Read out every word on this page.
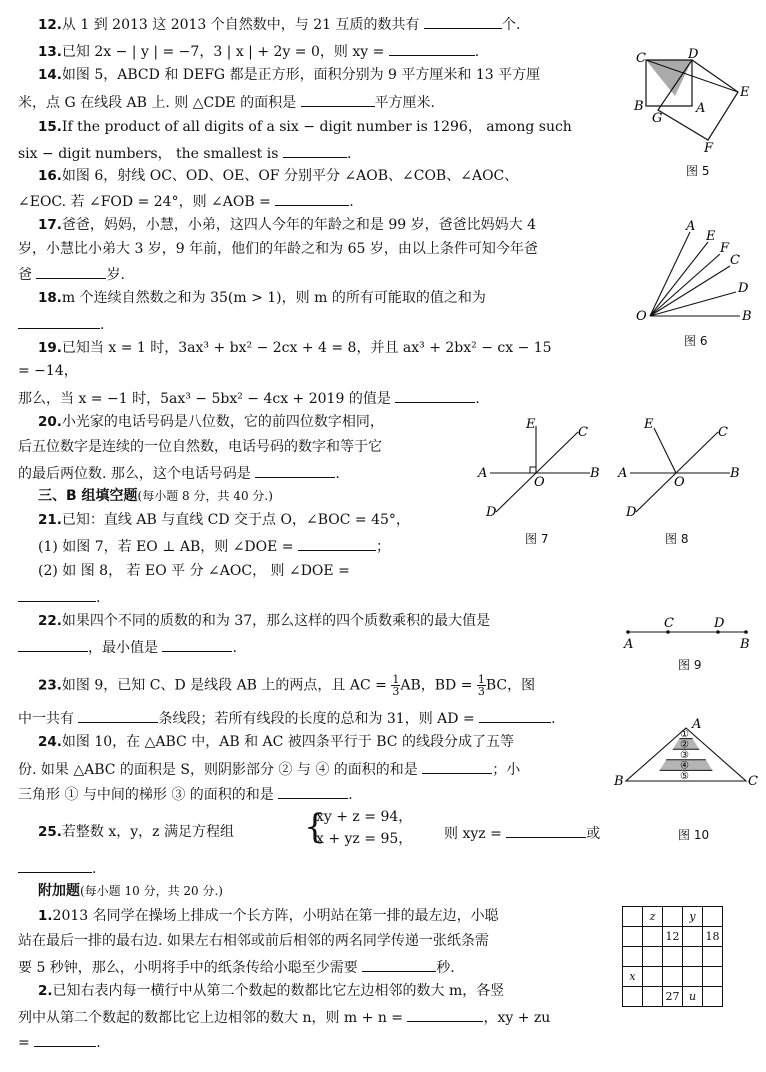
12.从 1 到 2013 这 2013 个自然数中，与 21 互质的数共有	个.
13.已知 2x − | y | = −7，3 | x | + 2y = 0，则 xy =	.
14.如图 5，ABCD 和 DEFG 都是正方形，面积分别为 9 平方厘米和 13 平方厘
米，点 G 在线段 AB 上. 则 △CDE 的面积是	平方厘米.
15.If the product of all digits of a six − digit number is 1296， among such
six − digit numbers， the smallest is	.
16.如图 6，射线 OC、OD、OE、OF 分别平分 ∠AOB、∠COB、∠AOC、
∠EOC. 若 ∠FOD = 24°，则 ∠AOB =	.
17.爸爸，妈妈，小慧，小弟，这四人今年的年龄之和是 99 岁，爸爸比妈妈大 4
岁，小慧比小弟大 3 岁，9 年前，他们的年龄之和为 65 岁，由以上条件可知今年爸
爸	岁.
18.m 个连续自然数之和为 35(m > 1)，则 m 的所有可能取的值之和为
.
19.已知当 x = 1 时，3ax³ + bx² − 2cx + 4 = 8，并且 ax³ + 2bx² − cx − 15
= −14，
那么，当 x = −1 时，5ax³ − 5bx² − 4cx + 2019 的值是	.
20.小光家的电话号码是八位数，它的前四位数字相同，
后五位数字是连续的一位自然数，电话号码的数字和等于它
的最后两位数. 那么，这个电话号码是	.
三、B 组填空题(每小题 8 分，共 40 分.)
21.已知：直线 AB 与直线 CD 交于点 O，∠BOC = 45°，
(1) 如图 7，若 EO ⊥ AB，则 ∠DOE =	；
(2) 如 图 8， 若 EO 平 分 ∠AOC， 则 ∠DOE =
.
22.如果四个不同的质数的和为 37，那么这样的四个质数乘积的最大值是
，最小值是	.
23.如图 9，已知 C、D 是线段 AB 上的两点，且 AC = $\frac{1}{3}$ AB，BD = $\frac{1}{3}$ BC，图
中一共有	条线段；若所有线段的长度的总和为 31，则 AD =	.
24.如图 10，在 △ABC 中，AB 和 AC 被四条平行于 BC 的线段分成了五等
份. 如果 △ABC 的面积是 S，则阴影部分 ② 与 ④ 的面积的和是	；小
三角形 ① 与中间的梯形 ③ 的面积的和是	.
25.若整数 x，y，z 满足方程组 {
xy + z = 94，
x + yz = 95， 则 xyz =	或
.
附加题(每小题 10 分，共 20 分.)
1.2013 名同学在操场上排成一个长方阵，小明站在第一排的最左边，小聪
站在最后一排的最右边. 如果左右相邻或前后相邻的两名同学传递一张纸条需
要 5 秒钟，那么，小明将手中的纸条传给小聪至少需要	秒.
2.已知右表内每一横行中从第二个数起的数都比它左边相邻的数大 m，各竖
列中从第二个数起的数都比它上边相邻的数大 n，则 m + n =	，xy + zu
=	.
C	D
B
G
A
E
F
图 5
A
E
F
C
D
O	B
图 6
E
C
A
O
B
D
图 7
E
C
A
O
B
D
图 8
A
C	D
B
图 9
A
B	C
①
②
③
④
⑤
图 10
	z		y	
		12		18

x				
		27	u	
